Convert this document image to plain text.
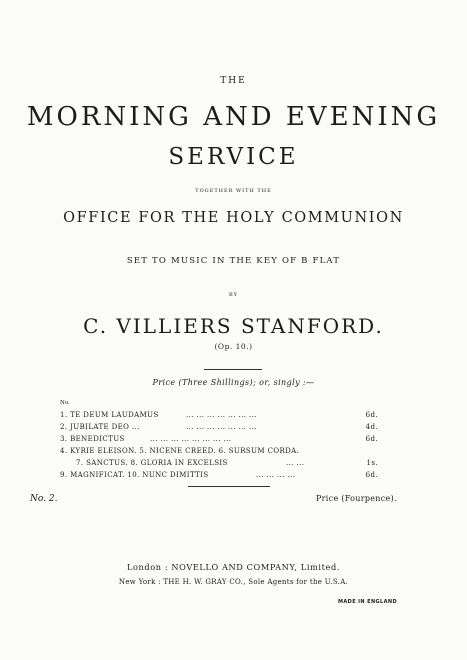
THE
MORNING AND EVENING
SERVICE
TOGETHER WITH THE
OFFICE FOR THE HOLY COMMUNION
SET TO MUSIC IN THE KEY OF B FLAT
BY
C. VILLIERS STANFORD.
(Op. 10.)
Price (Three Shillings); or, singly :—
No.
1. TE DEUM LAUDAMUS	... ... ... ... ... ... ...	6d.
2. JUBILATE DEO ...	... ... ... ... ... ... ...	4d.
3. BENEDICTUS	... ... ... ... ... ... ... ...	6d.
4. KYRIE ELEISON. 5. NICENE CREED. 6. SURSUM CORDA.
7. SANCTUS. 8. GLORIA IN EXCELSIS	... ...	1s.
9. MAGNIFICAT. 10. NUNC DIMITTIS	... ... ... ...	6d.
No. 2.	Price (Fourpence).
London : NOVELLO AND COMPANY, Limited.
New York : THE H. W. GRAY CO., Sole Agents for the U.S.A.
MADE IN ENGLAND
